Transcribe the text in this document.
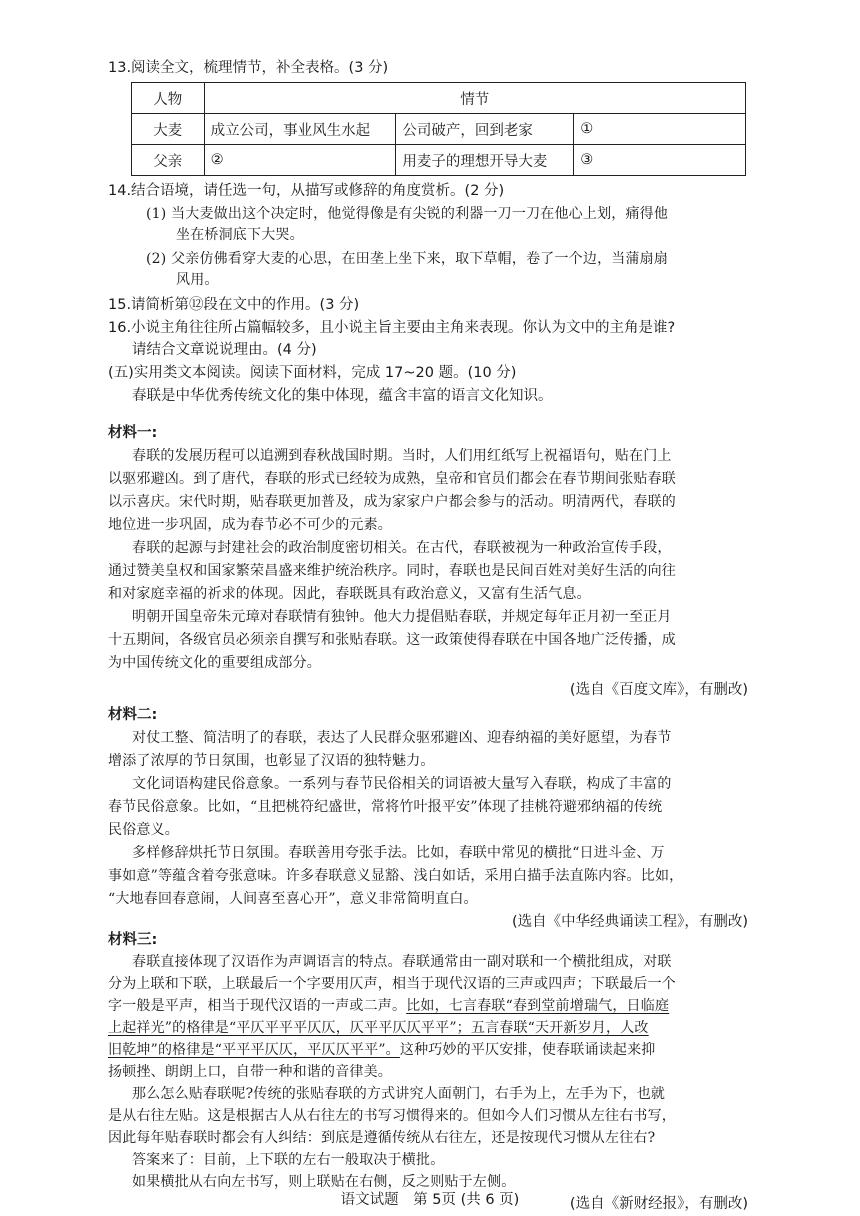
13.阅读全文，梳理情节，补全表格。(3 分)
人物	情节		
大麦	成立公司，事业风生水起	公司破产，回到老家	①
父亲	②	用麦子的理想开导大麦	③
14.结合语境，请任选一句，从描写或修辞的角度赏析。(2 分)
(1) 当大麦做出这个决定时，他觉得像是有尖锐的利器一刀一刀在他心上划，痛得他
坐在桥洞底下大哭。
(2) 父亲仿佛看穿大麦的心思，在田垄上坐下来，取下草帽，卷了一个边，当蒲扇扇
风用。
15.请简析第⑫段在文中的作用。(3 分)
16.小说主角往往所占篇幅较多，且小说主旨主要由主角来表现。你认为文中的主角是谁?
请结合文章说说理由。(4 分)
(五)实用类文本阅读。阅读下面材料，完成 17~20 题。(10 分)
春联是中华优秀传统文化的集中体现，蕴含丰富的语言文化知识。
材料一:
春联的发展历程可以追溯到春秋战国时期。当时，人们用红纸写上祝福语句，贴在门上
以驱邪避凶。到了唐代，春联的形式已经较为成熟，皇帝和官员们都会在春节期间张贴春联
以示喜庆。宋代时期，贴春联更加普及，成为家家户户都会参与的活动。明清两代，春联的
地位进一步巩固，成为春节必不可少的元素。
春联的起源与封建社会的政治制度密切相关。在古代，春联被视为一种政治宣传手段，
通过赞美皇权和国家繁荣昌盛来维护统治秩序。同时，春联也是民间百姓对美好生活的向往
和对家庭幸福的祈求的体现。因此，春联既具有政治意义，又富有生活气息。
明朝开国皇帝朱元璋对春联情有独钟。他大力提倡贴春联，并规定每年正月初一至正月
十五期间，各级官员必须亲自撰写和张贴春联。这一政策使得春联在中国各地广泛传播，成
为中国传统文化的重要组成部分。
(选自《百度文库》，有删改)
材料二:
对仗工整、简洁明了的春联，表达了人民群众驱邪避凶、迎春纳福的美好愿望，为春节
增添了浓厚的节日氛围，也彰显了汉语的独特魅力。
文化词语构建民俗意象。一系列与春节民俗相关的词语被大量写入春联，构成了丰富的
春节民俗意象。比如，“且把桃符纪盛世，常将竹叶报平安”体现了挂桃符避邪纳福的传统
民俗意义。
多样修辞烘托节日氛围。春联善用夸张手法。比如，春联中常见的横批“日进斗金、万
事如意”等蕴含着夸张意味。许多春联意义显豁、浅白如话，采用白描手法直陈内容。比如，
“大地春回春意闹，人间喜至喜心开”，意义非常简明直白。
(选自《中华经典诵读工程》，有删改)
材料三:
春联直接体现了汉语作为声调语言的特点。春联通常由一副对联和一个横批组成，对联
分为上联和下联，上联最后一个字要用仄声，相当于现代汉语的三声或四声；下联最后一个
字一般是平声，相当于现代汉语的一声或二声。比如，七言春联“春到堂前增瑞气，日临庭
上起祥光”的格律是“平仄平平平仄仄，仄平平仄仄平平”；五言春联“天开新岁月，人改
旧乾坤”的格律是“平平平仄仄，平仄仄平平”。这种巧妙的平仄安排，使春联诵读起来抑
扬顿挫、朗朗上口，自带一种和谐的音律美。
那么怎么贴春联呢?传统的张贴春联的方式讲究人面朝门，右手为上，左手为下，也就
是从右往左贴。这是根据古人从右往左的书写习惯得来的。但如今人们习惯从左往右书写，
因此每年贴春联时都会有人纠结：到底是遵循传统从右往左，还是按现代习惯从左往右?
答案来了：目前，上下联的左右一般取决于横批。
如果横批从右向左书写，则上联贴在右侧，反之则贴于左侧。
(选自《新财经报》，有删改)
语文试题　第 5页 (共 6 页)
